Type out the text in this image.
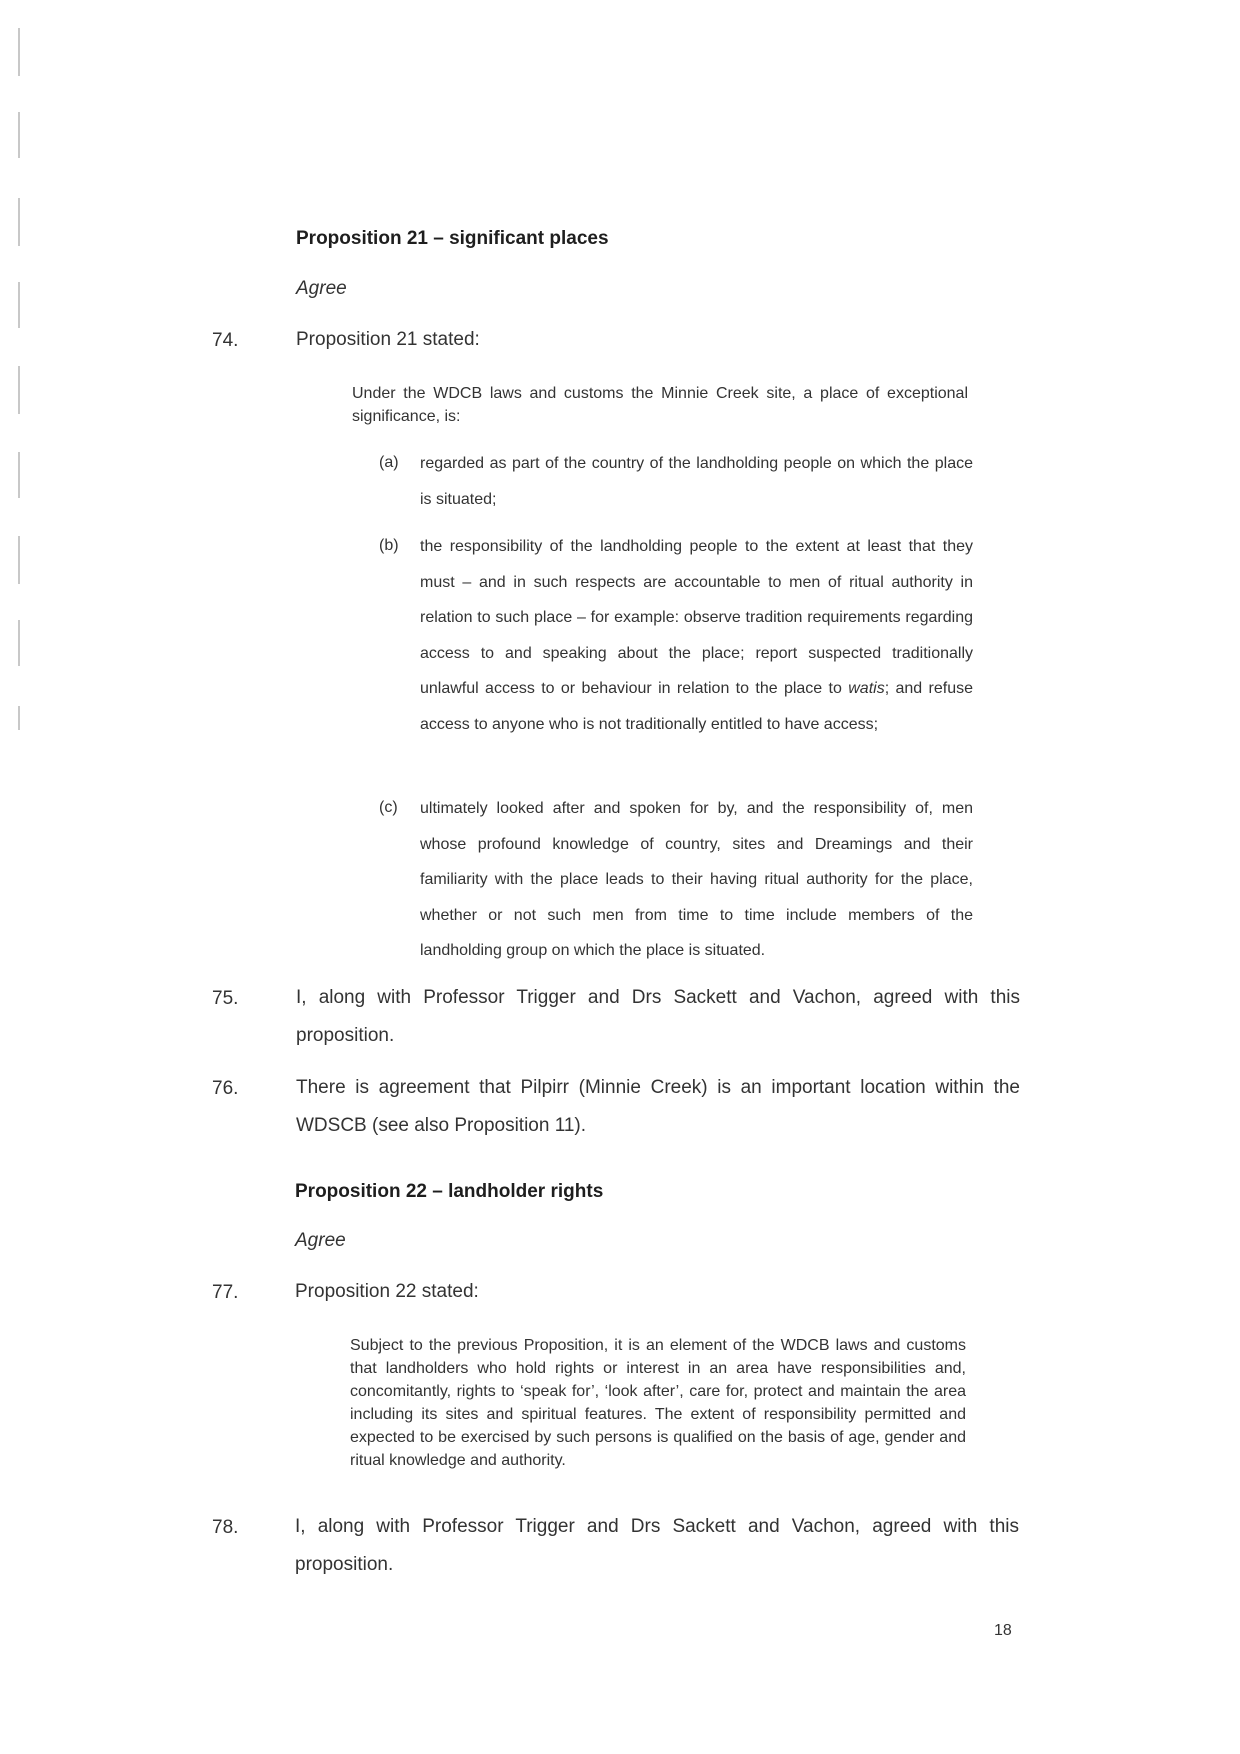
Proposition 21 – significant places
Agree
74.	Proposition 21 stated:
Under the WDCB laws and customs the Minnie Creek site, a place of exceptional significance, is:
(a) regarded as part of the country of the landholding people on which the place is situated;
(b) the responsibility of the landholding people to the extent at least that they must – and in such respects are accountable to men of ritual authority in relation to such place – for example: observe tradition requirements regarding access to and speaking about the place; report suspected traditionally unlawful access to or behaviour in relation to the place to watis; and refuse access to anyone who is not traditionally entitled to have access;
(c) ultimately looked after and spoken for by, and the responsibility of, men whose profound knowledge of country, sites and Dreamings and their familiarity with the place leads to their having ritual authority for the place, whether or not such men from time to time include members of the landholding group on which the place is situated.
75.	I, along with Professor Trigger and Drs Sackett and Vachon, agreed with this proposition.
76.	There is agreement that Pilpirr (Minnie Creek) is an important location within the WDSCB (see also Proposition 11).
Proposition 22 – landholder rights
Agree
77.	Proposition 22 stated:
Subject to the previous Proposition, it is an element of the WDCB laws and customs that landholders who hold rights or interest in an area have responsibilities and, concomitantly, rights to ‘speak for’, ‘look after’, care for, protect and maintain the area including its sites and spiritual features. The extent of responsibility permitted and expected to be exercised by such persons is qualified on the basis of age, gender and ritual knowledge and authority.
78.	I, along with Professor Trigger and Drs Sackett and Vachon, agreed with this proposition.
18
